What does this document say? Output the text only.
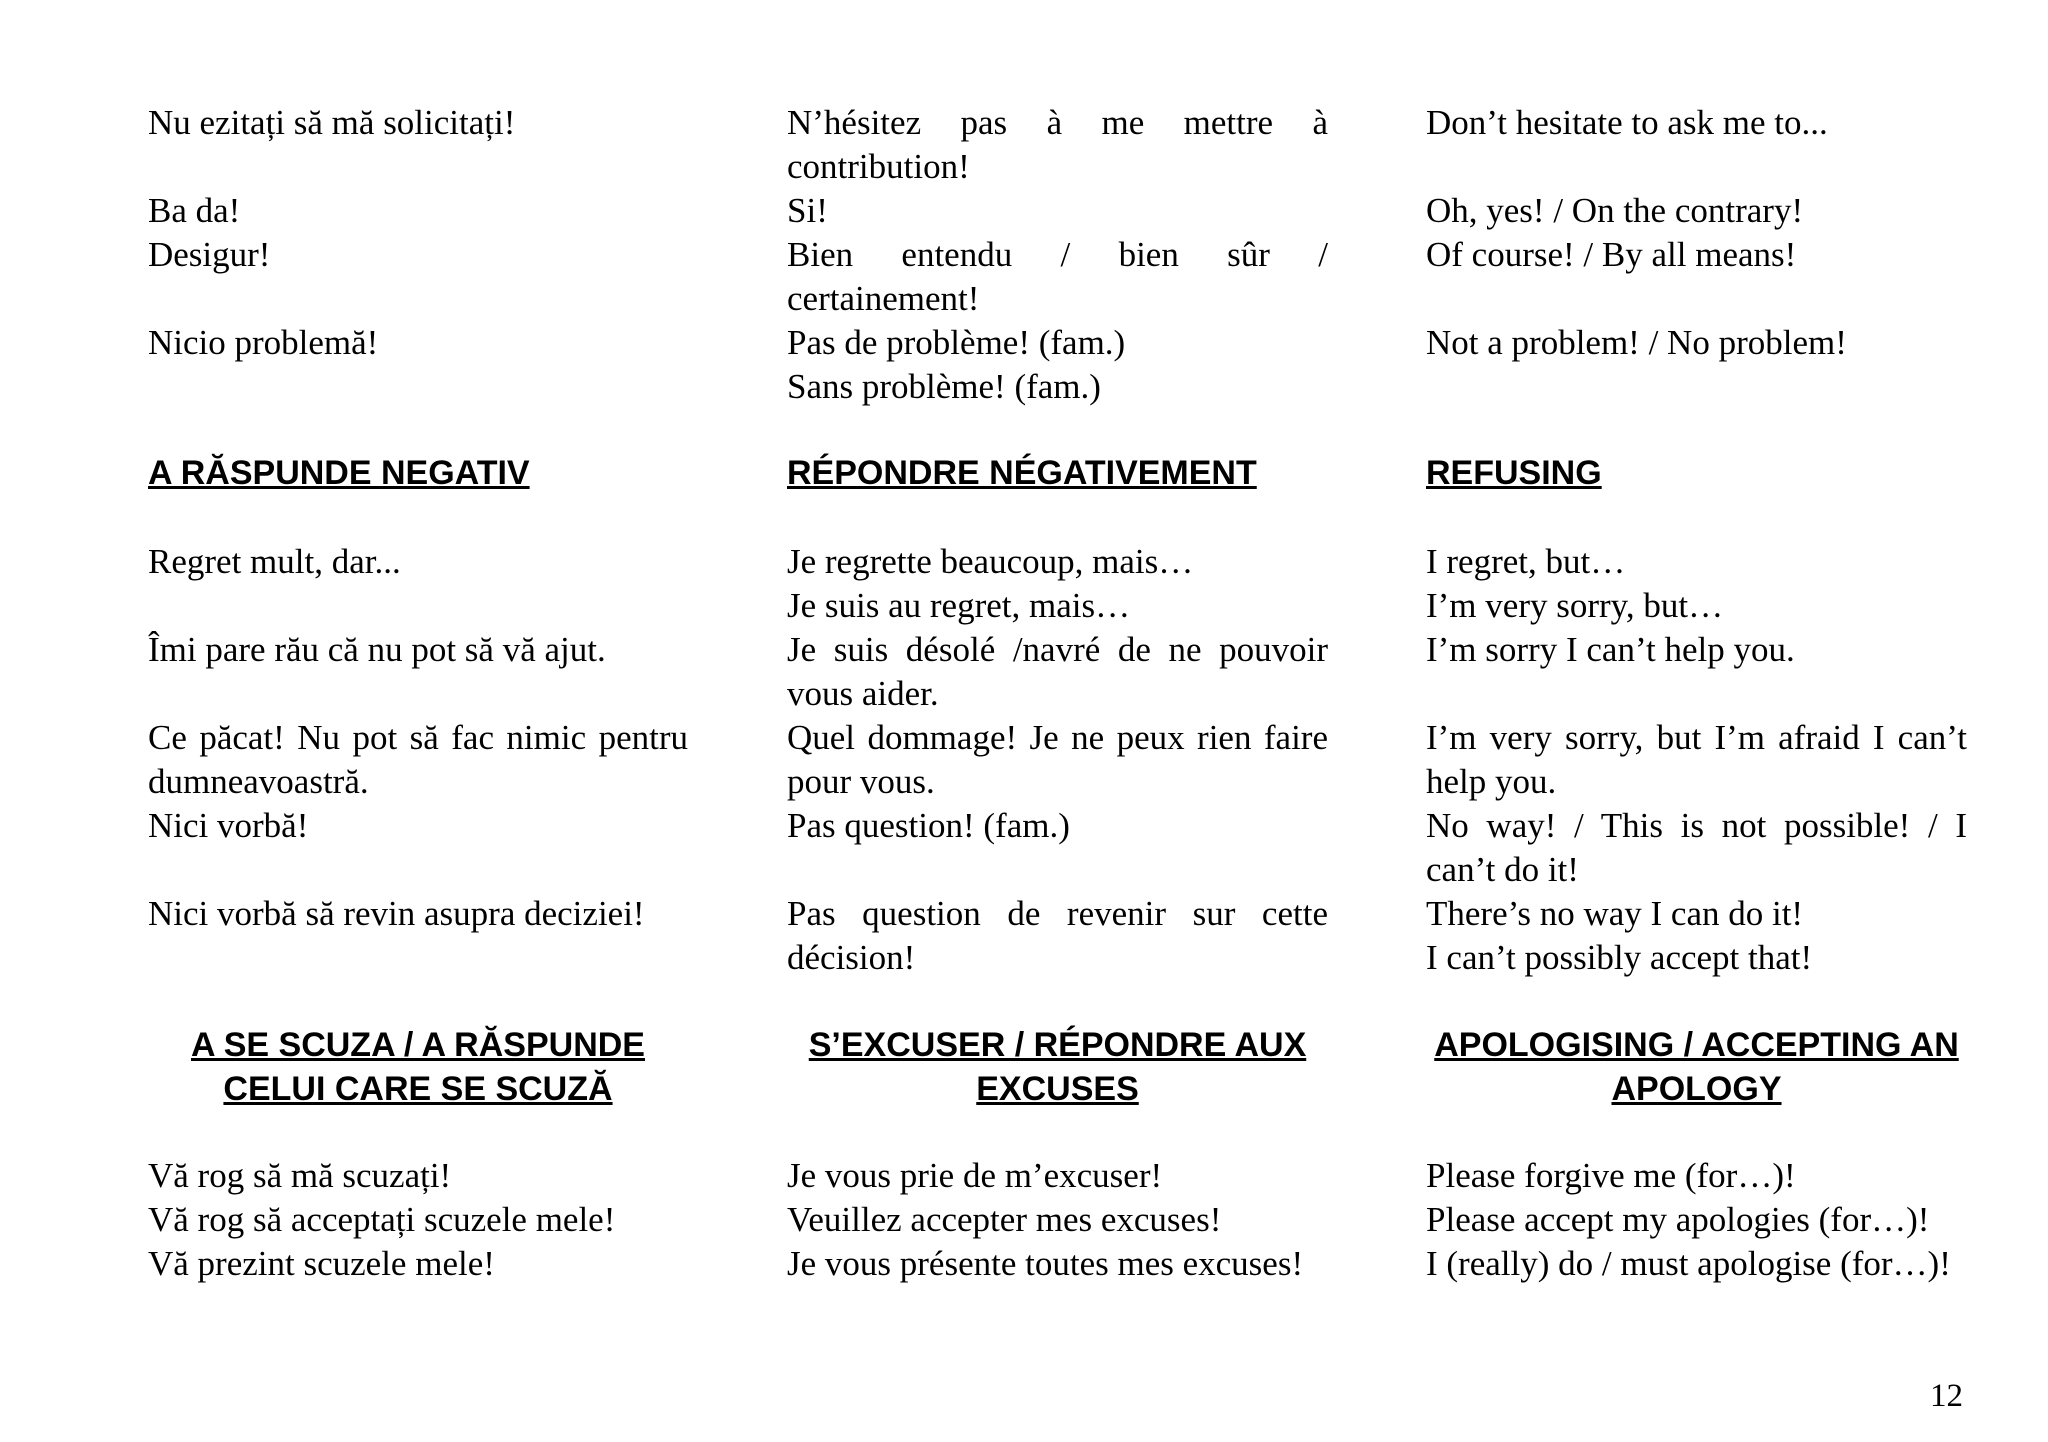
Nu ezitați să mă solicitați!
Ba da!
Desigur!
Nicio problemă!
A RĂSPUNDE NEGATIV
Regret mult, dar...
Îmi pare rău că nu pot să vă ajut.
Ce păcat! Nu pot să fac nimic pentru dumneavoastră.
Nici vorbă!
Nici vorbă să revin asupra deciziei!
A SE SCUZA / A RĂSPUNDE CELUI CARE SE SCUZĂ
Vă rog să mă scuzați!
Vă rog să acceptați scuzele mele!
Vă prezint scuzele mele!
N’hésitez pas à me mettre à contribution!
Si!
Bien entendu / bien sûr / certainement!
Pas de problème! (fam.)
Sans problème! (fam.)
RÉPONDRE NÉGATIVEMENT
Je regrette beaucoup, mais…
Je suis au regret, mais…
Je suis désolé /navré de ne pouvoir vous aider.
Quel dommage! Je ne peux rien faire pour vous.
Pas question! (fam.)
Pas question de revenir sur cette décision!
S’EXCUSER / RÉPONDRE AUX EXCUSES
Je vous prie de m’excuser!
Veuillez accepter mes excuses!
Je vous présente toutes mes excuses!
Don’t hesitate to ask me to...
Oh, yes! / On the contrary!
Of course! / By all means!
Not a problem! / No problem!
REFUSING
I regret, but…
I’m very sorry, but…
I’m sorry I can’t help you.
I’m very sorry, but I’m afraid I can’t help you.
No way! / This is not possible! / I can’t do it!
There’s no way I can do it!
I can’t possibly accept that!
APOLOGISING / ACCEPTING AN APOLOGY
Please forgive me (for…)!
Please accept my apologies (for…)!
I (really) do / must apologise (for…)!
12
